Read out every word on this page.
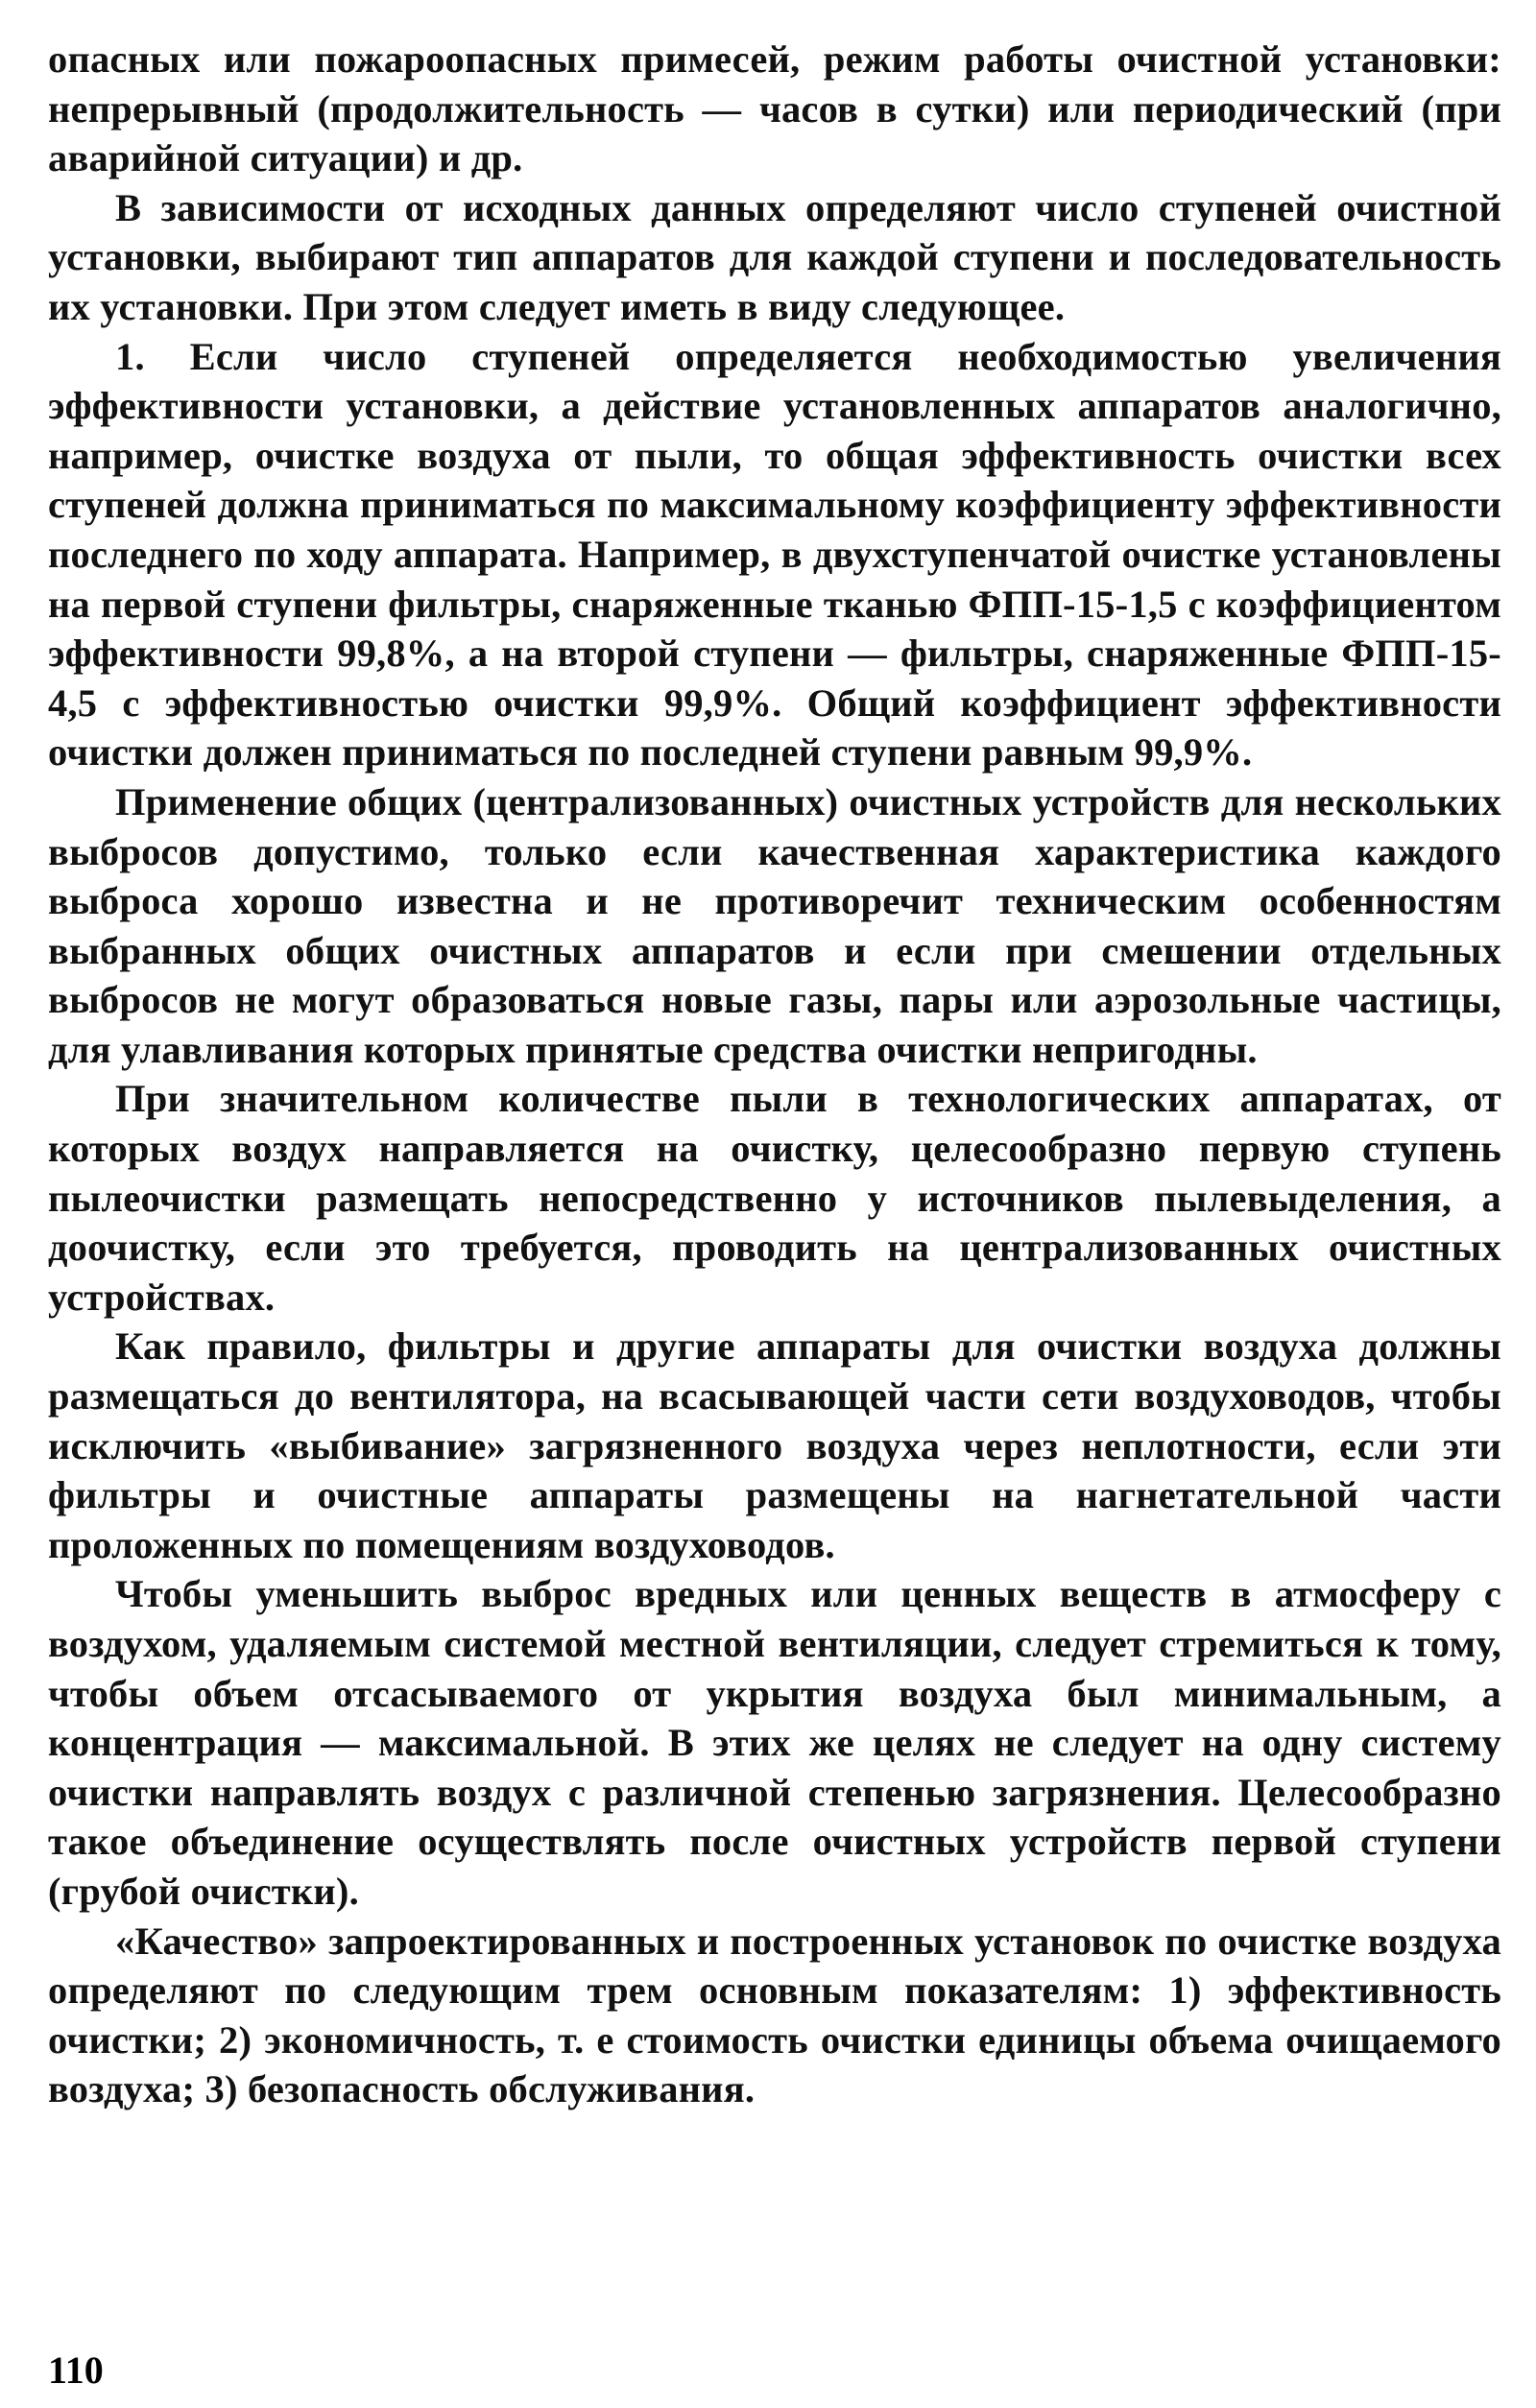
опасных или пожароопасных примесей, режим работы очистной установки: непрерывный (продолжительность — часов в сутки) или периодический (при аварийной ситуации) и др.

В зависимости от исходных данных определяют число ступеней очистной установки, выбирают тип аппаратов для каждой ступени и последовательность их установки. При этом следует иметь в виду следующее.

1. Если число ступеней определяется необходимостью увеличения эффективности установки, а действие установленных аппаратов аналогично, например, очистке воздуха от пыли, то общая эффективность очистки всех ступеней должна приниматься по максимальному коэффициенту эффективности последнего по ходу аппарата. Например, в двухступенчатой очистке установлены на первой ступени фильтры, снаряженные тканью ФПП-15-1,5 с коэффициентом эффективности 99,8%, а на второй ступени — фильтры, снаряженные ФПП-15-4,5 с эффективностью очистки 99,9%. Общий коэффициент эффективности очистки должен приниматься по последней ступени равным 99,9%.

Применение общих (централизованных) очистных устройств для нескольких выбросов допустимо, только если качественная характеристика каждого выброса хорошо известна и не противоречит техническим особенностям выбранных общих очистных аппаратов и если при смешении отдельных выбросов не могут образоваться новые газы, пары или аэрозольные частицы, для улавливания которых принятые средства очистки непригодны.

При значительном количестве пыли в технологических аппаратах, от которых воздух направляется на очистку, целесообразно первую ступень пылеочистки размещать непосредственно у источников пылевыделения, а доочистку, если это требуется, проводить на централизованных очистных устройствах.

Как правило, фильтры и другие аппараты для очистки воздуха должны размещаться до вентилятора, на всасывающей части сети воздуховодов, чтобы исключить «выбивание» загрязненного воздуха через неплотности, если эти фильтры и очистные аппараты размещены на нагнетательной части проложенных по помещениям воздуховодов.

Чтобы уменьшить выброс вредных или ценных веществ в атмосферу с воздухом, удаляемым системой местной вентиляции, следует стремиться к тому, чтобы объем отсасываемого от укрытия воздуха был минимальным, а концентрация — максимальной. В этих же целях не следует на одну систему очистки направлять воздух с различной степенью загрязнения. Целесообразно такое объединение осуществлять после очистных устройств первой ступени (грубой очистки).

«Качество» запроектированных и построенных установок по очистке воздуха определяют по следующим трем основным показателям: 1) эффективность очистки; 2) экономичность, т. е стоимость очистки единицы объема очищаемого воздуха; 3) безопасность обслуживания.

110
